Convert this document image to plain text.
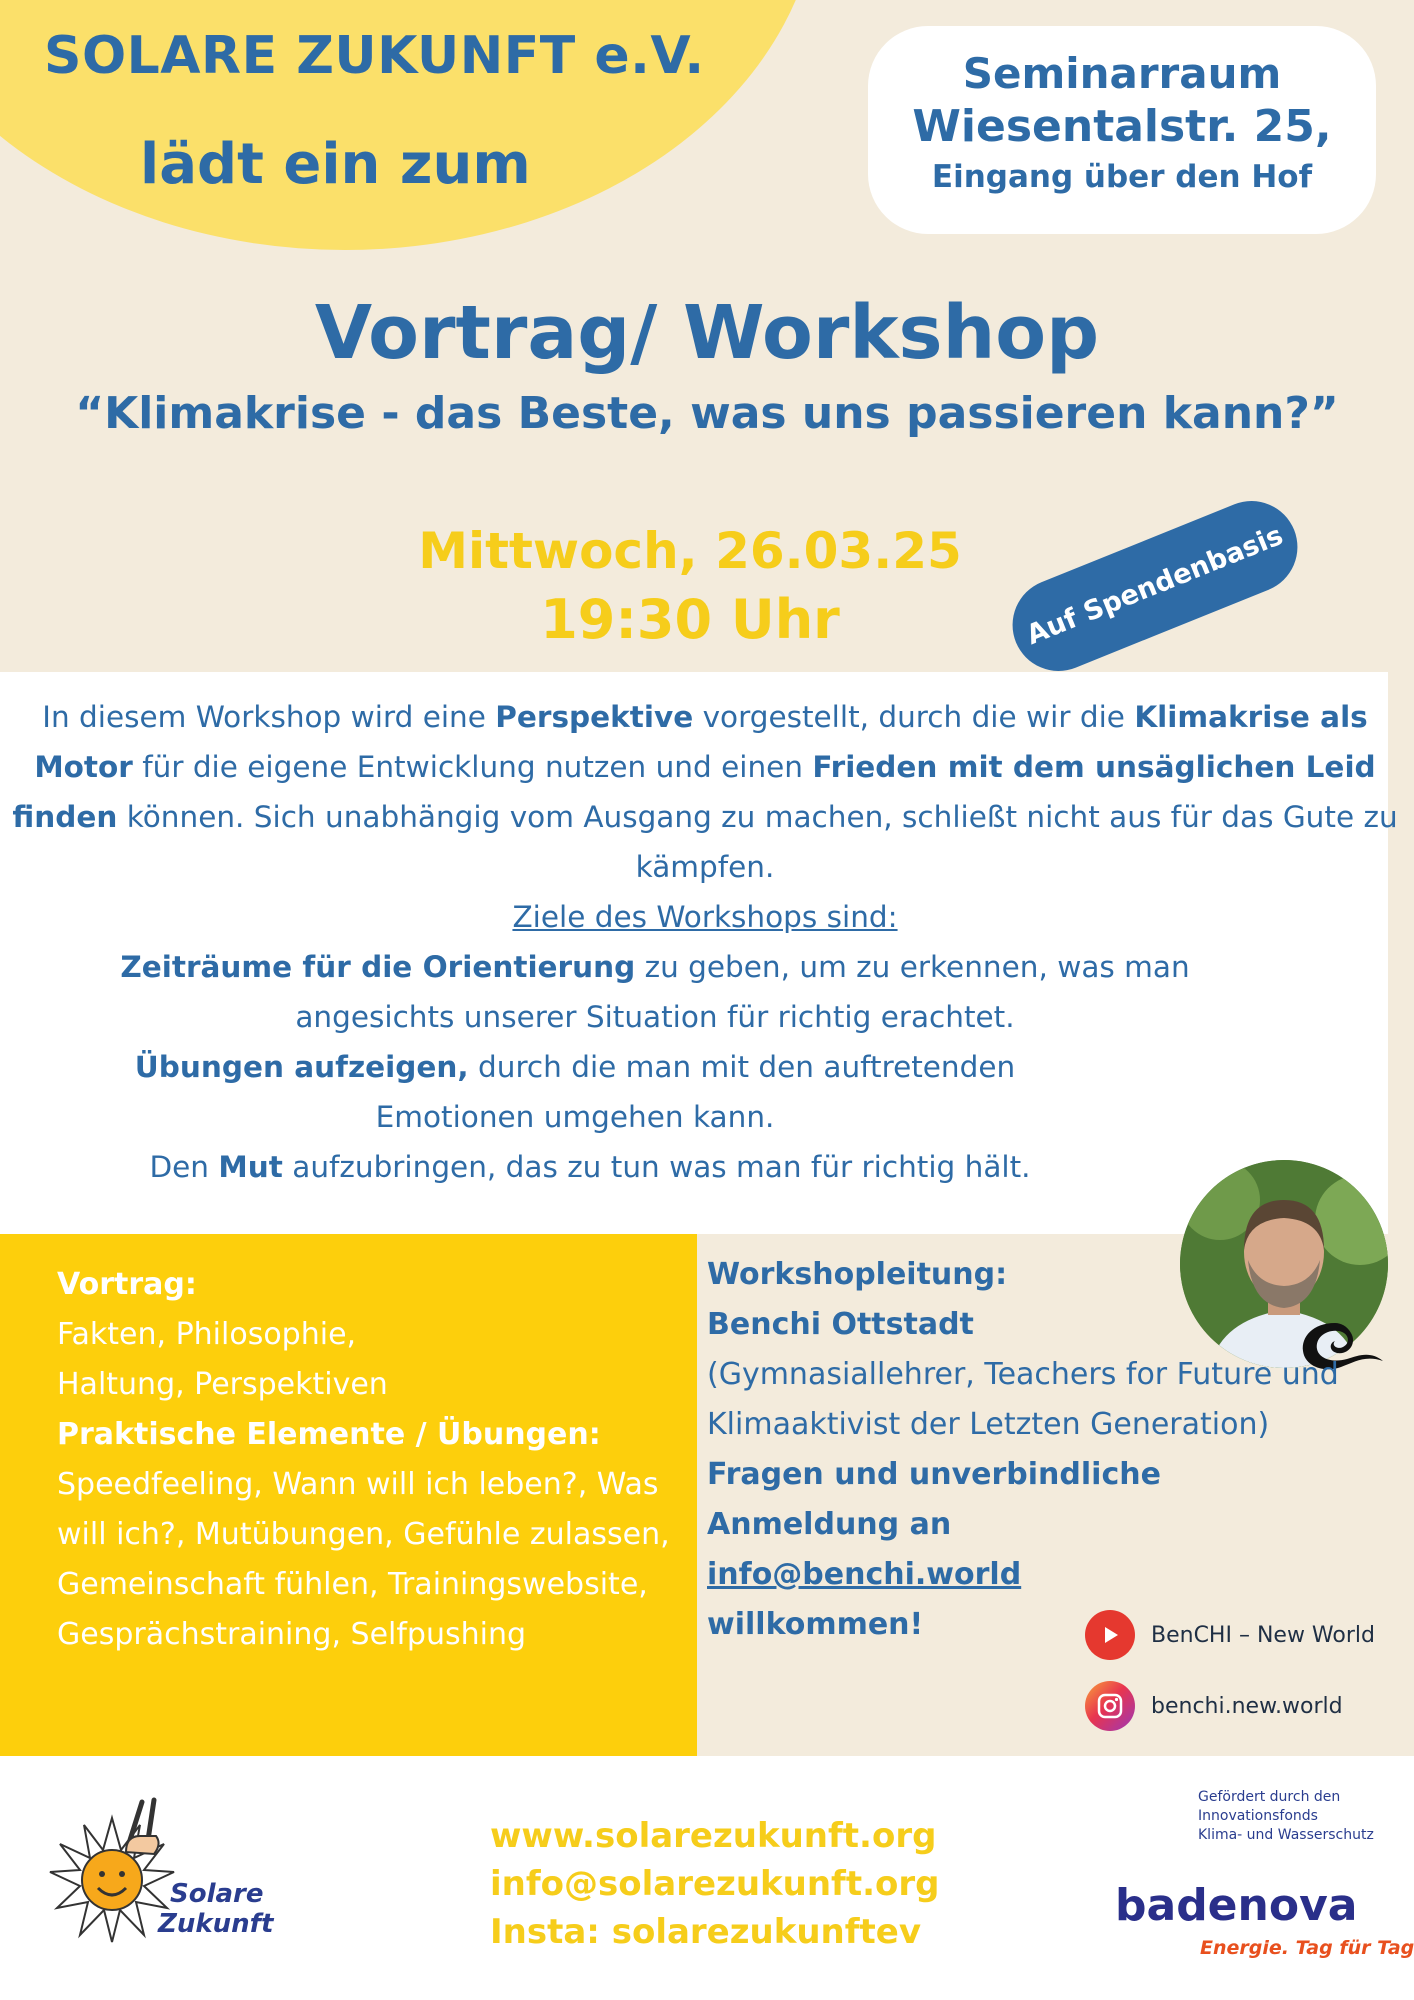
SOLARE ZUKUNFT e.V.
lädt ein zum
Seminarraum
Wiesentalstr. 25,
Eingang über den Hof
Vortrag/ Workshop
“Klimakrise - das Beste, was uns passieren kann?”
Mittwoch, 26.03.25
19:30 Uhr	Auf Spendenbasis
In diesem Workshop wird eine Perspektive vorgestellt, durch die wir die Klimakrise als Motor für die eigene Entwicklung nutzen und einen Frieden mit dem unsäglichen Leid finden können. Sich unabhängig vom Ausgang zu machen, schließt nicht aus für das Gute zu kämpfen.
Ziele des Workshops sind:
Zeiträume für die Orientierung zu geben, um zu erkennen, was man angesichts unserer Situation für richtig erachtet.
Übungen aufzeigen, durch die man mit den auftretenden Emotionen umgehen kann.
Den Mut aufzubringen, das zu tun was man für richtig hält.
Vortrag:
Fakten, Philosophie, Haltung, Perspektiven
Praktische Elemente / Übungen:
Speedfeeling, Wann will ich leben?, Was will ich?, Mutübungen, Gefühle zulassen, Gemeinschaft fühlen, Trainingswebsite, Gesprächstraining, Selfpushing
Workshopleitung:
Benchi Ottstadt
(Gymnasiallehrer, Teachers for Future und Klimaaktivist der Letzten Generation)
Fragen und unverbindliche Anmeldung an info@benchi.world willkommen!	BenCHI – New World
benchi.new.world
Solare
Zukunft
www.solarezukunft.org
info@solarezukunft.org
Insta: solarezukunftev
Gefördert durch den
Innovationsfonds
Klima- und Wasserschutz
badenova
Energie. Tag für Tag
